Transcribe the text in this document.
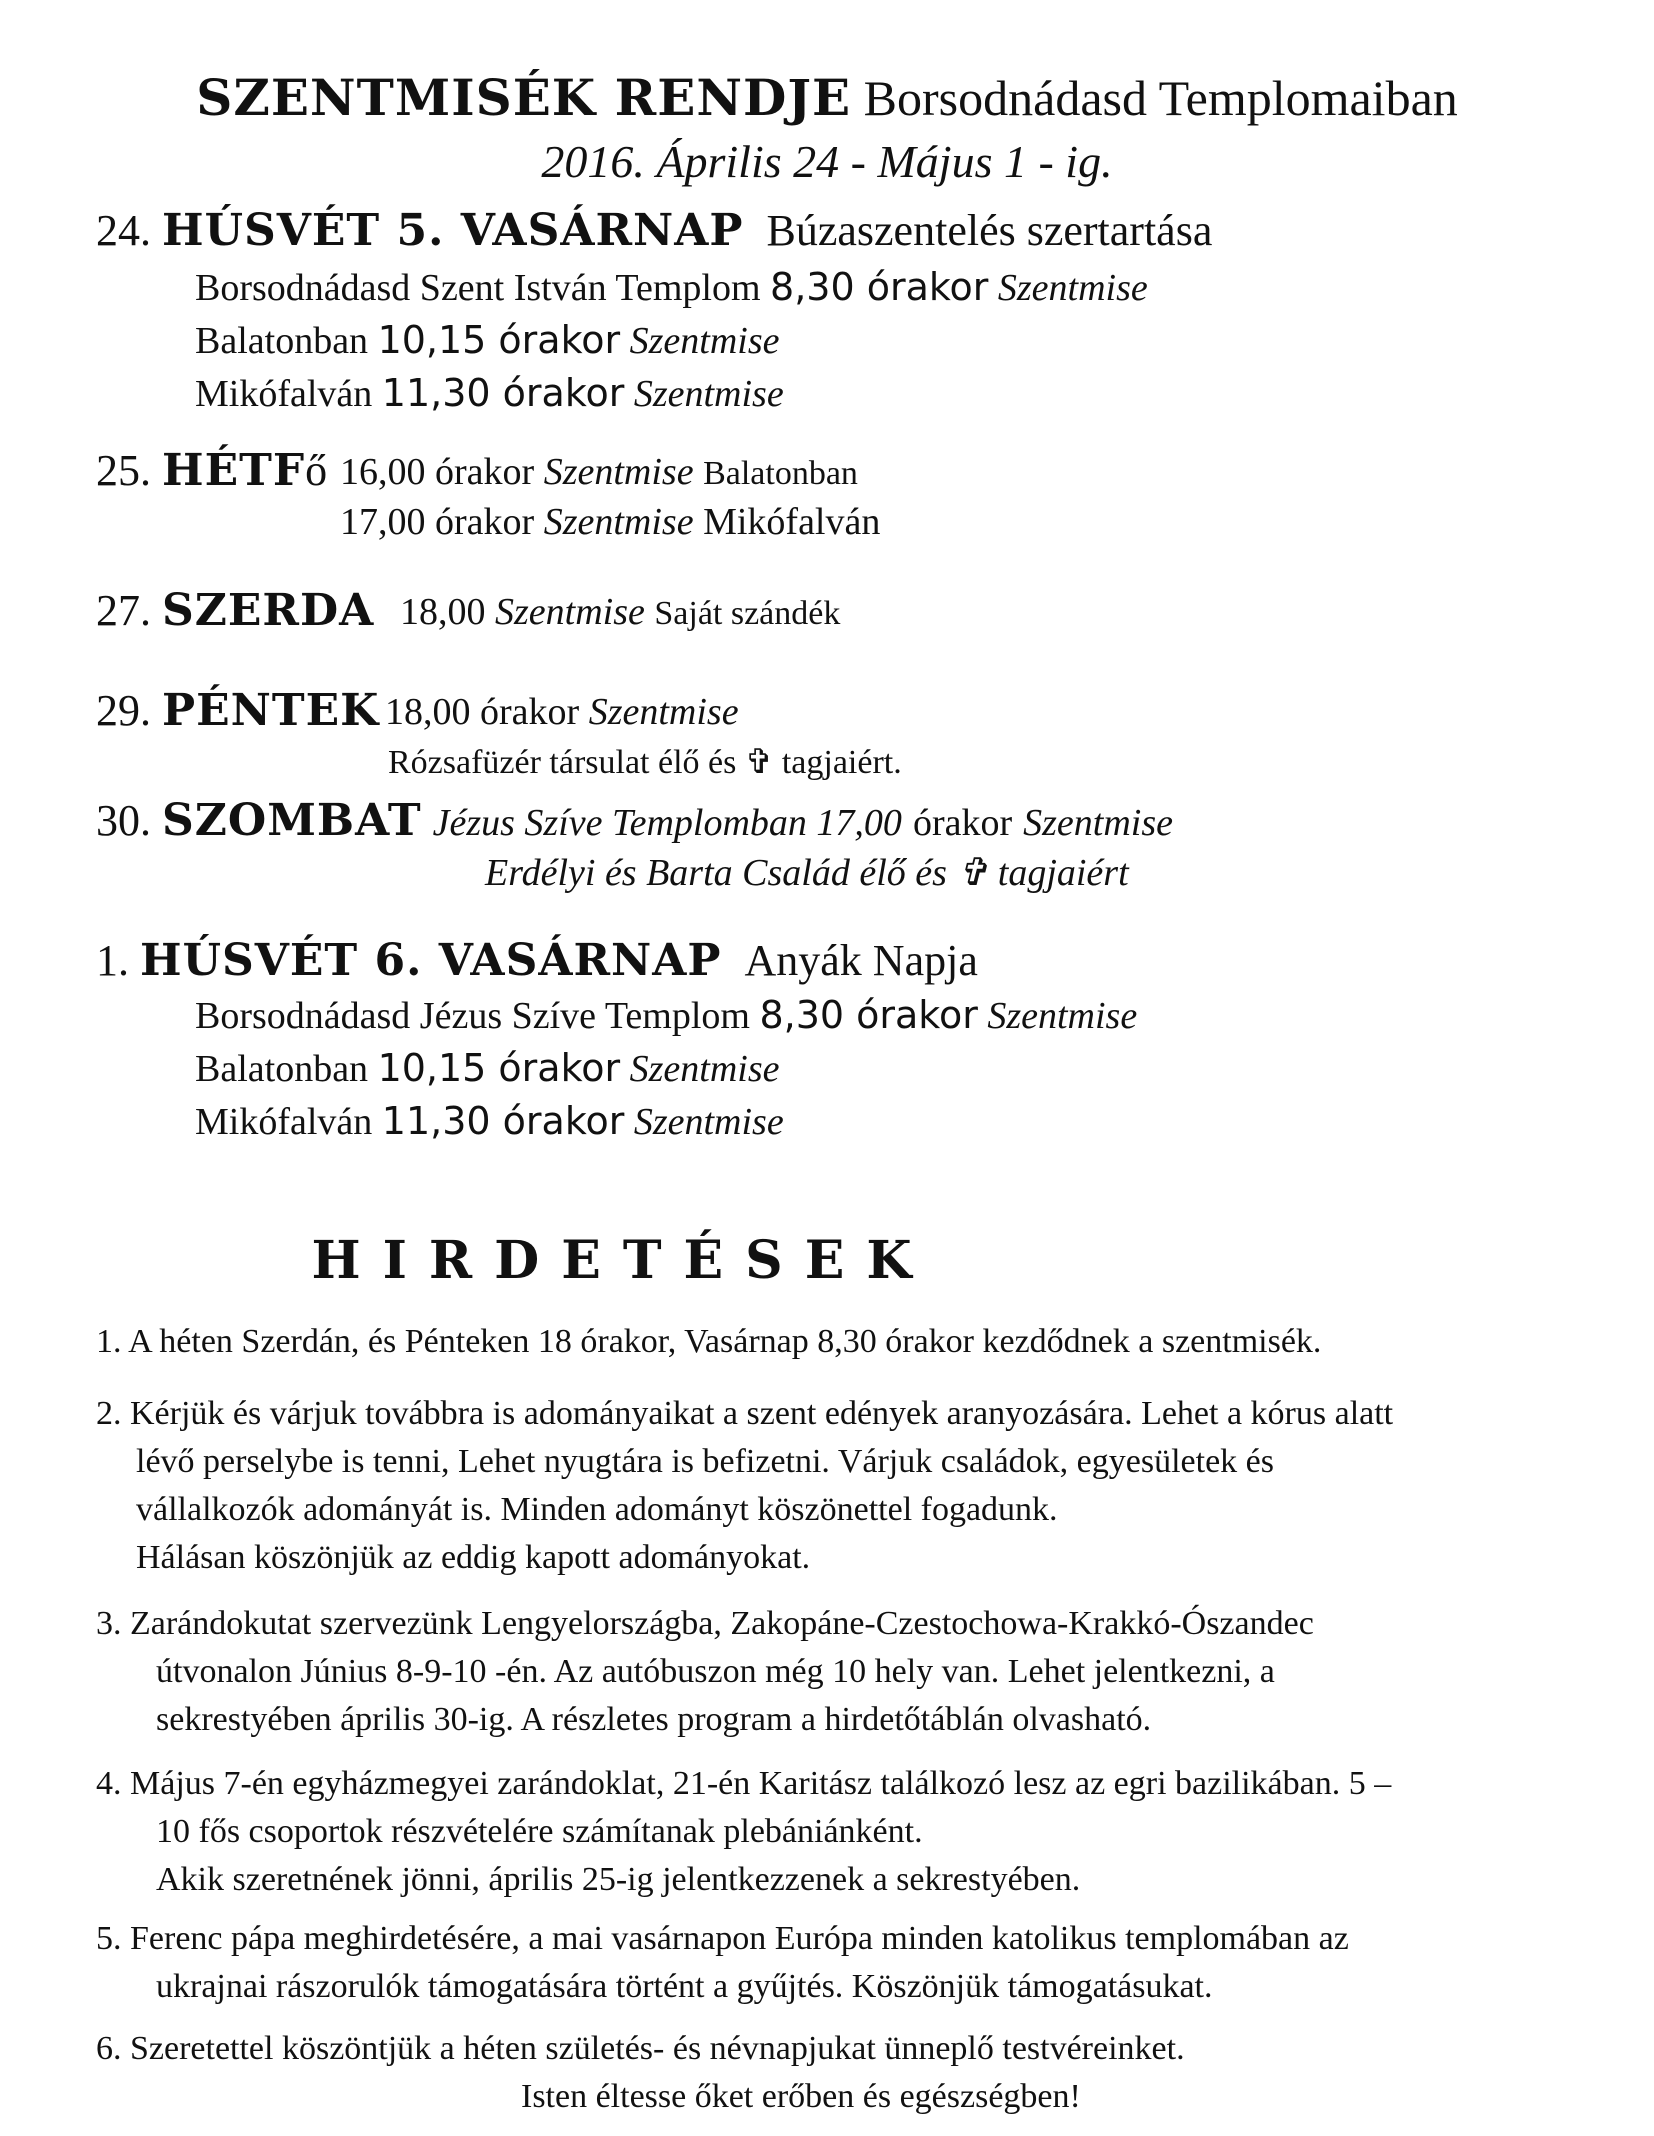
SZENTMISÉK RENDJE Borsodnádasd Templomaiban
2016. Április 24 - Május 1 - ig.
24. HÚSVÉT 5. VASÁRNAP Búzaszentelés szertartása
Borsodnádasd Szent István Templom 8,30 órakor Szentmise
Balatonban 10,15 órakor Szentmise
Mikófalván 11,30 órakor Szentmise
25. HÉTFő 16,00 órakor Szentmise Balatonban
17,00 órakor Szentmise Mikófalván
27. SZERDA 18,00 Szentmise Saját szándék
29. PÉNTEK 18,00 órakor Szentmise
Rózsafüzér társulat élő és ✞ tagjaiért.
30. SZOMBAT Jézus Szíve Templomban 17,00 órakor Szentmise
Erdélyi és Barta Család élő és ✞ tagjaiért
1. HÚSVÉT 6. VASÁRNAP Anyák Napja
Borsodnádasd Jézus Szíve Templom 8,30 órakor Szentmise
Balatonban 10,15 órakor Szentmise
Mikófalván 11,30 órakor Szentmise
HIRDETÉSEK

1. A héten Szerdán, és Pénteken 18 órakor, Vasárnap 8,30 órakor kezdődnek a szentmisék.

2. Kérjük és várjuk továbbra is adományaikat a szent edények aranyozására. Lehet a kórus alatt

lévő perselybe is tenni, Lehet nyugtára is befizetni. Várjuk családok, egyesületek és

vállalkozók adományát is. Minden adományt köszönettel fogadunk.

Hálásan köszönjük az eddig kapott adományokat.

3. Zarándokutat szervezünk Lengyelországba, Zakopáne-Czestochowa-Krakkó-Ószandec

útvonalon Június 8-9-10 -én. Az autóbuszon még 10 hely van. Lehet jelentkezni, a

sekrestyében április 30-ig. A részletes program a hirdetőtáblán olvasható.

4. Május 7-én egyházmegyei zarándoklat, 21-én Karitász találkozó lesz az egri bazilikában. 5 –

10 fős csoportok részvételére számítanak plebániánként.

Akik szeretnének jönni, április 25-ig jelentkezzenek a sekrestyében.

5. Ferenc pápa meghirdetésére, a mai vasárnapon Európa minden katolikus templomában az

ukrajnai rászorulók támogatására történt a gyűjtés. Köszönjük támogatásukat.

6. Szeretettel köszöntjük a héten születés- és névnapjukat ünneplő testvéreinket.

Isten éltesse őket erőben és egészségben!
